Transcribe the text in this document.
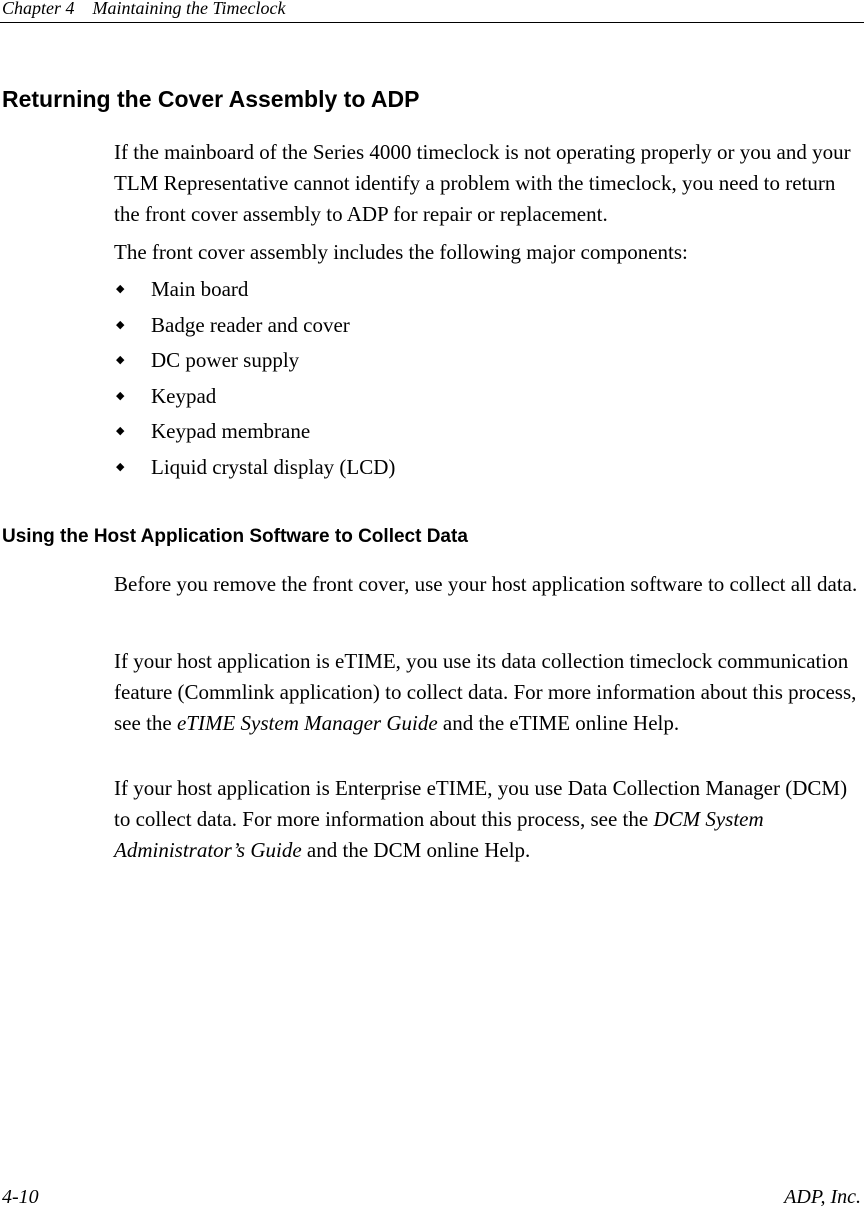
Chapter 4 Maintaining the Timeclock
Returning the Cover Assembly to ADP

If the mainboard of the Series 4000 timeclock is not operating properly or you and your TLM Representative cannot identify a problem with the timeclock, you need to return the front cover assembly to ADP for repair or replacement.

The front cover assembly includes the following major components:

◆ Main board
◆ Badge reader and cover
◆ DC power supply
◆ Keypad
◆ Keypad membrane
◆ Liquid crystal display (LCD)
Using the Host Application Software to Collect Data

Before you remove the front cover, use your host application software to collect all data.

If your host application is eTIME, you use its data collection timeclock communication feature (Commlink application) to collect data. For more information about this process, see the eTIME System Manager Guide and the eTIME online Help.

If your host application is Enterprise eTIME, you use Data Collection Manager (DCM) to collect data. For more information about this process, see the DCM System Administrator’s Guide and the DCM online Help.

4-10	ADP, Inc.
